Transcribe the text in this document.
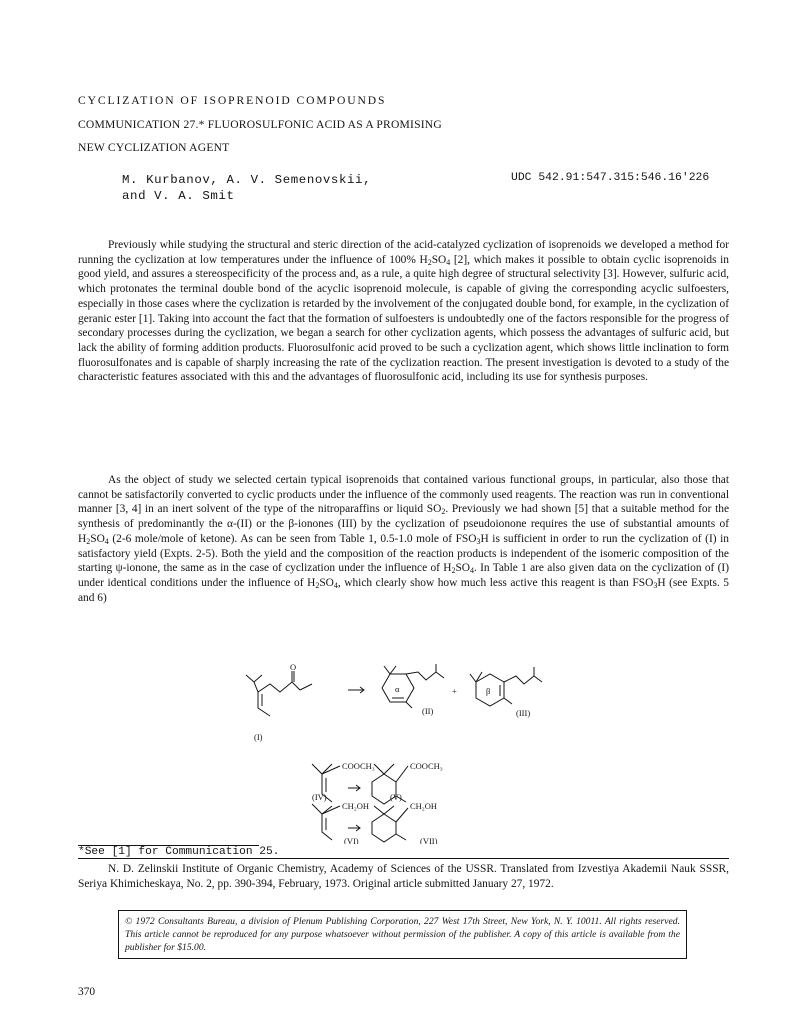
CYCLIZATION OF ISOPRENOID COMPOUNDS
COMMUNICATION 27.* FLUOROSULFONIC ACID AS A PROMISING
NEW CYCLIZATION AGENT
M. Kurbanov, A. V. Semenovskii,
and V. A. Smit
UDC 542.91:547.315:546.16'226

Previously while studying the structural and steric direction of the acid-catalyzed cyclization of isoprenoids we developed a method for running the cyclization at low temperatures under the influence of 100% $H_2SO_4$ [2], which makes it possible to obtain cyclic isoprenoids in good yield, and assures a stereospecificity of the process and, as a rule, a quite high degree of structural selectivity [3]. However, sulfuric acid, which protonates the terminal double bond of the acyclic isoprenoid molecule, is capable of giving the corresponding acyclic sulfoesters, especially in those cases where the cyclization is retarded by the involvement of the conjugated double bond, for example, in the cyclization of geranic ester [1]. Taking into account the fact that the formation of sulfoesters is undoubtedly one of the factors responsible for the progress of secondary processes during the cyclization, we began a search for other cyclization agents, which possess the advantages of sulfuric acid, but lack the ability of forming addition products. Fluorosulfonic acid proved to be such a cyclization agent, which shows little inclination to form fluorosulfonates and is capable of sharply increasing the rate of the cyclization reaction. The present investigation is devoted to a study of the characteristic features associated with this and the advantages of fluorosulfonic acid, including its use for synthesis purposes.

As the object of study we selected certain typical isoprenoids that contained various functional groups, in particular, also those that cannot be satisfactorily converted to cyclic products under the influence of the commonly used reagents. The reaction was run in conventional manner [3, 4] in an inert solvent of the type of the nitroparaffins or liquid $SO_2$. Previously we had shown [5] that a suitable method for the synthesis of predominantly the α-(II) or the β-ionones (III) by the cyclization of pseudoionone requires the use of substantial amounts of $H_2SO_4$ (2-6 mole/mole of ketone). As can be seen from Table 1, 0.5-1.0 mole of $FSO_3H$ is sufficient in order to run the cyclization of (I) in satisfactory yield (Expts. 2-5). Both the yield and the composition of the reaction products is independent of the isomeric composition of the starting ψ-ionone, the same as in the case of cyclization under the influence of $H_2SO_4$. In Table 1 are also given data on the cyclization of (I) under identical conditions under the influence of $H_2SO_4$, which clearly show how much less active this reagent is than $FSO_3H$ (see Expts. 5 and 6)

O
α	+	β
(I)
(II)	(III)
COOCH₃	COOCH₃
(IV)	(V)
CH₂OH	CH₂OH
(VI)	(VII)
*See [1] for Communication 25.

N. D. Zelinskii Institute of Organic Chemistry, Academy of Sciences of the USSR. Translated from Izvestiya Akademii Nauk SSSR, Seriya Khimicheskaya, No. 2, pp. 390-394, February, 1973. Original article submitted January 27, 1972.

© 1972 Consultants Bureau, a division of Plenum Publishing Corporation, 227 West 17th Street, New York, N. Y. 10011. All rights reserved. This article cannot be reproduced for any purpose whatsoever without permission of the publisher. A copy of this article is available from the publisher for $15.00.
370
